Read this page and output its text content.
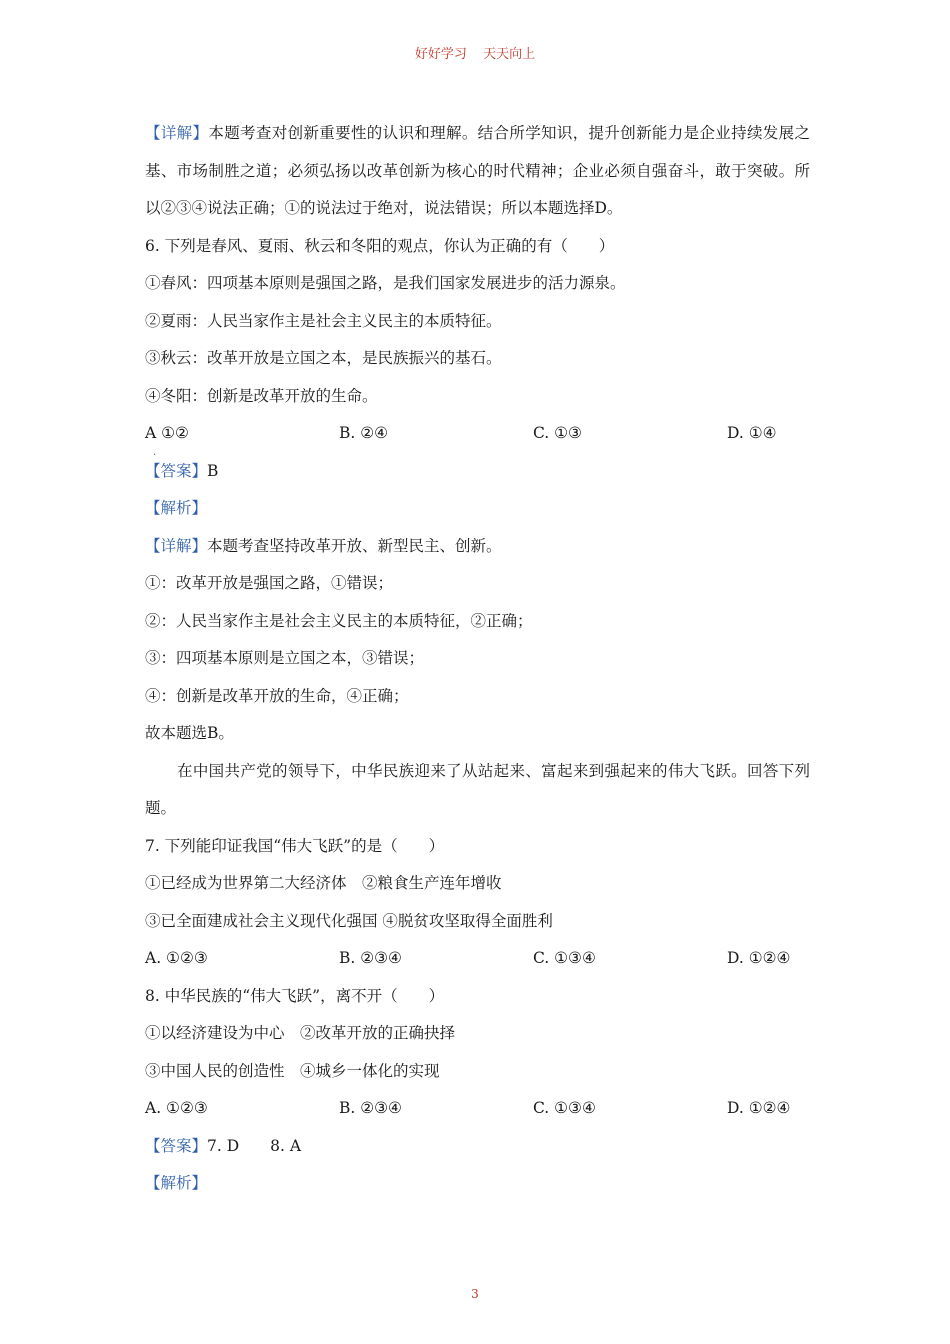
好好学习 天天向上
【详解】本题考查对创新重要性的认识和理解。结合所学知识，提升创新能力是企业持续发展之基、市场制胜之道；必须弘扬以改革创新为核心的时代精神；企业必须自强奋斗，敢于突破。所以②③④说法正确；①的说法过于绝对，说法错误；所以本题选择D。
6. 下列是春风、夏雨、秋云和冬阳的观点，你认为正确的有（　　）
①春风：四项基本原则是强国之路，是我们国家发展进步的活力源泉。
②夏雨：人民当家作主是社会主义民主的本质特征。
③秋云：改革开放是立国之本，是民族振兴的基石。
④冬阳：创新是改革开放的生命。
A ①②	B. ②④	C. ①③	D. ①④
【答案】B
【解析】
【详解】本题考查坚持改革开放、新型民主、创新。
①：改革开放是强国之路，①错误；
②：人民当家作主是社会主义民主的本质特征，②正确；
③：四项基本原则是立国之本，③错误；
④：创新是改革开放的生命，④正确；
故本题选B。
在中国共产党的领导下，中华民族迎来了从站起来、富起来到强起来的伟大飞跃。回答下列题。
7. 下列能印证我国“伟大飞跃”的是（　　）
①已经成为世界第二大经济体　②粮食生产连年增收
③已全面建成社会主义现代化强国 ④脱贫攻坚取得全面胜利
A. ①②③	B. ②③④	C. ①③④	D. ①②④
8. 中华民族的“伟大飞跃”，离不开（　　）
①以经济建设为中心　②改革开放的正确抉择
③中国人民的创造性　④城乡一体化的实现
A. ①②③	B. ②③④	C. ①③④	D. ①②④
【答案】7. D　　8. A
【解析】
.
3
